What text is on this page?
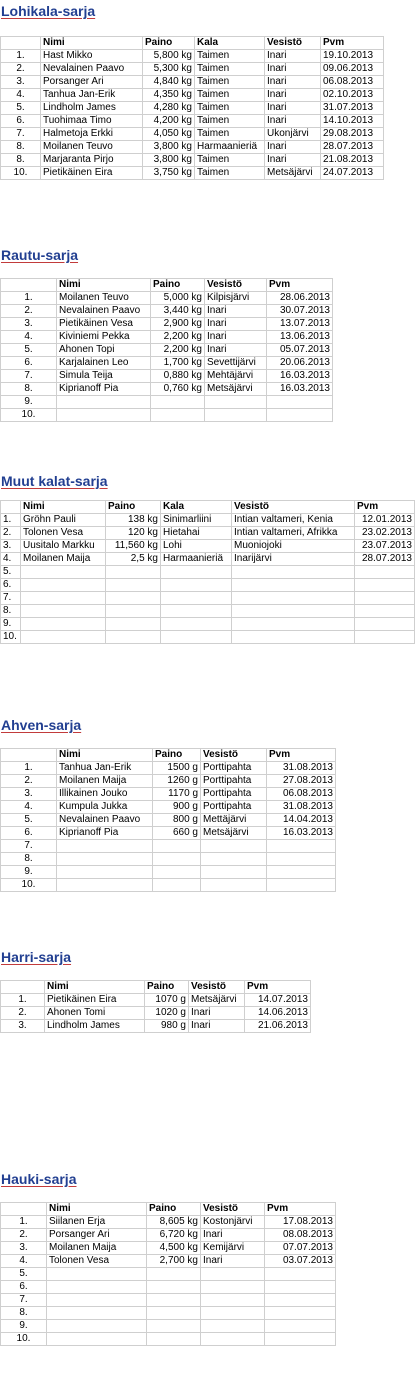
Lohikala-sarja
	Nimi	Paino	Kala	Vesistö	Pvm
1.	Hast Mikko	5,800 kg	Taimen	Inari	19.10.2013
2.	Nevalainen Paavo	5,300 kg	Taimen	Inari	09.06.2013
3.	Porsanger Ari	4,840 kg	Taimen	Inari	06.08.2013
4.	Tanhua Jan-Erik	4,350 kg	Taimen	Inari	02.10.2013
5.	Lindholm James	4,280 kg	Taimen	Inari	31.07.2013
6.	Tuohimaa Timo	4,200 kg	Taimen	Inari	14.10.2013
7.	Halmetoja Erkki	4,050 kg	Taimen	Ukonjärvi	29.08.2013
8.	Moilanen Teuvo	3,800 kg	Harmaanieriä	Inari	28.07.2013
8.	Marjaranta Pirjo	3,800 kg	Taimen	Inari	21.08.2013
10.	Pietikäinen Eira	3,750 kg	Taimen	Metsäjärvi	24.07.2013
Rautu-sarja
	Nimi	Paino	Vesistö	Pvm
1.	Moilanen Teuvo	5,000 kg	Kilpisjärvi	28.06.2013
2.	Nevalainen Paavo	3,440 kg	Inari	30.07.2013
3.	Pietikäinen Vesa	2,900 kg	Inari	13.07.2013
4.	Kiviniemi Pekka	2,200 kg	Inari	13.06.2013
5.	Ahonen Topi	2,200 kg	Inari	05.07.2013
6.	Karjalainen Leo	1,700 kg	Sevettijärvi	20.06.2013
7.	Simula Teija	0,880 kg	Mehtäjärvi	16.03.2013
8.	Kiprianoff Pia	0,760 kg	Metsäjärvi	16.03.2013
9.				
10.				
Muut kalat-sarja
	Nimi	Paino	Kala	Vesistö	Pvm
1.	Gröhn Pauli	138 kg	Sinimarliini	Intian valtameri, Kenia	12.01.2013
2.	Tolonen Vesa	120 kg	Hietahai	Intian valtameri, Afrikka	23.02.2013
3.	Uusitalo Markku	11,560 kg	Lohi	Muoniojoki	23.07.2013
4.	Moilanen Maija	2,5 kg	Harmaanieriä	Inarijärvi	28.07.2013
5.					
6.					
7.					
8.					
9.					
10.					
Ahven-sarja
	Nimi	Paino	Vesistö	Pvm
1.	Tanhua Jan-Erik	1500 g	Porttipahta	31.08.2013
2.	Moilanen Maija	1260 g	Porttipahta	27.08.2013
3.	Illikainen Jouko	1170 g	Porttipahta	06.08.2013
4.	Kumpula Jukka	900 g	Porttipahta	31.08.2013
5.	Nevalainen Paavo	800 g	Mettäjärvi	14.04.2013
6.	Kiprianoff Pia	660 g	Metsäjärvi	16.03.2013
7.				
8.				
9.				
10.				
Harri-sarja
	Nimi	Paino	Vesistö	Pvm
1.	Pietikäinen Eira	1070 g	Metsäjärvi	14.07.2013
2.	Ahonen Tomi	1020 g	Inari	14.06.2013
3.	Lindholm James	980 g	Inari	21.06.2013
Hauki-sarja
	Nimi	Paino	Vesistö	Pvm
1.	Siilanen Erja	8,605 kg	Kostonjärvi	17.08.2013
2.	Porsanger Ari	6,720 kg	Inari	08.08.2013
3.	Moilanen Maija	4,500 kg	Kemijärvi	07.07.2013
4.	Tolonen Vesa	2,700 kg	Inari	03.07.2013
5.				
6.				
7.				
8.				
9.				
10.				
